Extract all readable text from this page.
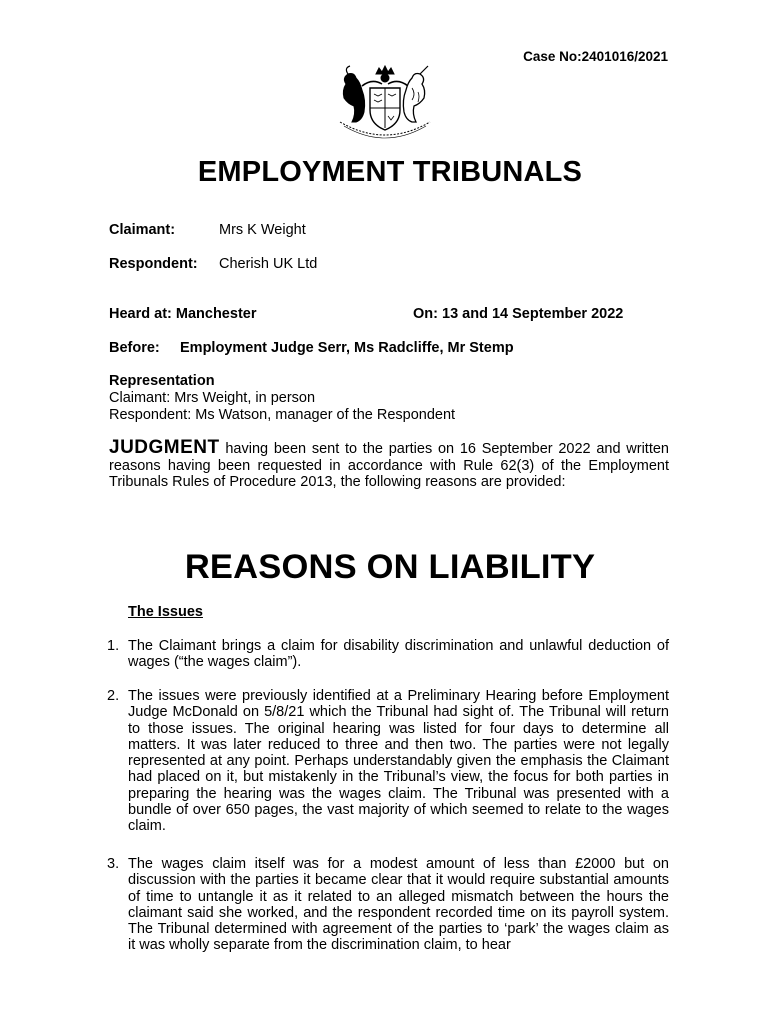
Case No:2401016/2021
EMPLOYMENT TRIBUNALS
Claimant:	Mrs K Weight
Respondent: Cherish UK Ltd
Heard at: Manchester	On: 13 and 14 September 2022
Before: Employment Judge Serr, Ms Radcliffe, Mr Stemp
Representation
Claimant: Mrs Weight, in person
Respondent: Ms Watson, manager of the Respondent
JUDGMENT having been sent to the parties on 16 September 2022 and written reasons having been requested in accordance with Rule 62(3) of the Employment Tribunals Rules of Procedure 2013, the following reasons are provided:
REASONS ON LIABILITY
The Issues
1. The Claimant brings a claim for disability discrimination and unlawful deduction of wages (“the wages claim”).
2. The issues were previously identified at a Preliminary Hearing before Employment Judge McDonald on 5/8/21 which the Tribunal had sight of. The Tribunal will return to those issues. The original hearing was listed for four days to determine all matters. It was later reduced to three and then two. The parties were not legally represented at any point. Perhaps understandably given the emphasis the Claimant had placed on it, but mistakenly in the Tribunal’s view, the focus for both parties in preparing the hearing was the wages claim. The Tribunal was presented with a bundle of over 650 pages, the vast majority of which seemed to relate to the wages claim.
3. The wages claim itself was for a modest amount of less than £2000 but on discussion with the parties it became clear that it would require substantial amounts of time to untangle it as it related to an alleged mismatch between the hours the claimant said she worked, and the respondent recorded time on its payroll system. The Tribunal determined with agreement of the parties to ‘park’ the wages claim as it was wholly separate from the discrimination claim, to hear
